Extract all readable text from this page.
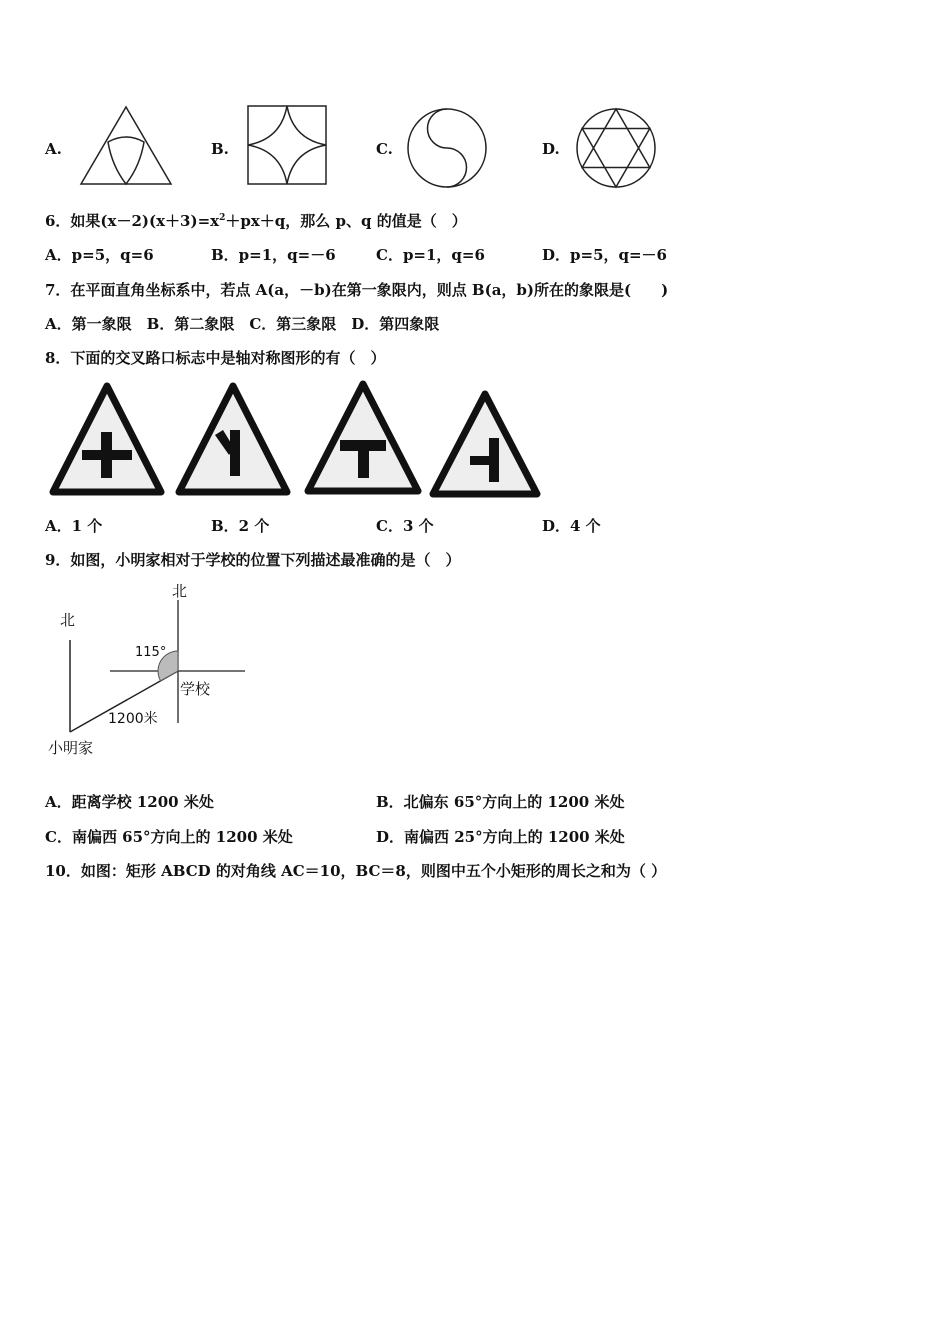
A.	B.	C.	D.
6．如果$(x-2)(x+3)=x^2+px+q$，那么 p、q 的值是（　）
A．p=5，q=6	B．p=1，q=－6	C．p=1，q=6	D．p=5，q=－6
7．在平面直角坐标系中，若点 A(a，－b)在第一象限内，则点 B(a，b)所在的象限是(　　)
A．第一象限　B．第二象限　C．第三象限　D．第四象限
8．下面的交叉路口标志中是轴对称图形的有（　）
A．1 个	B．2 个	C．3 个	D．4 个
9．如图，小明家相对于学校的位置下列描述最准确的是（　）
北
北
115°
学校
1200米
小明家
A．距离学校 1200 米处	B．北偏东 65°方向上的 1200 米处
C．南偏西 65°方向上的 1200 米处	D．南偏西 25°方向上的 1200 米处
10．如图：矩形 ABCD 的对角线 AC＝10，BC＝8，则图中五个小矩形的周长之和为（ ）
